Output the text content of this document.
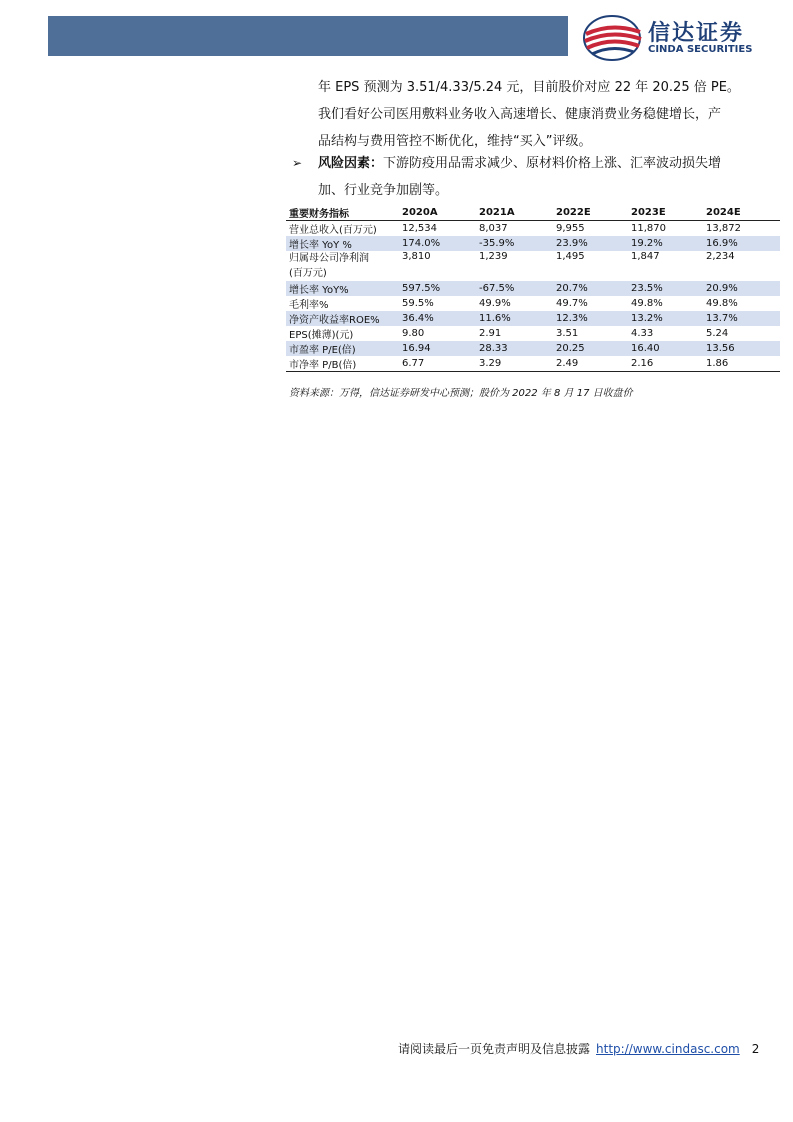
信达证券
CINDA SECURITIES
年 EPS 预测为 3.51/4.33/5.24 元，目前股价对应 22 年 20.25 倍 PE。
我们看好公司医用敷料业务收入高速增长、健康消费业务稳健增长，产
品结构与费用管控不断优化，维持“买入”评级。
➢ 风险因素：下游防疫用品需求减少、原材料价格上涨、汇率波动损失增
加、行业竞争加剧等。
重要财务指标	2020A	2021A	2022E	2023E	2024E
营业总收入(百万元)	12,534	8,037	9,955	11,870	13,872
增长率 YoY %	174.0%	-35.9%	23.9%	19.2%	16.9%
归属母公司净利润
(百万元)	3,810	1,239	1,495	1,847	2,234
增长率 YoY%	597.5%	-67.5%	20.7%	23.5%	20.9%
毛利率%	59.5%	49.9%	49.7%	49.8%	49.8%
净资产收益率ROE%	36.4%	11.6%	12.3%	13.2%	13.7%
EPS(摊薄)(元)	9.80	2.91	3.51	4.33	5.24
市盈率 P/E(倍)	16.94	28.33	20.25	16.40	13.56
市净率 P/B(倍)	6.77	3.29	2.49	2.16	1.86
资料来源：万得，信达证券研发中心预测；股价为 2022 年 8 月 17 日收盘价
请阅读最后一页免责声明及信息披露 http://www.cindasc.com 2
